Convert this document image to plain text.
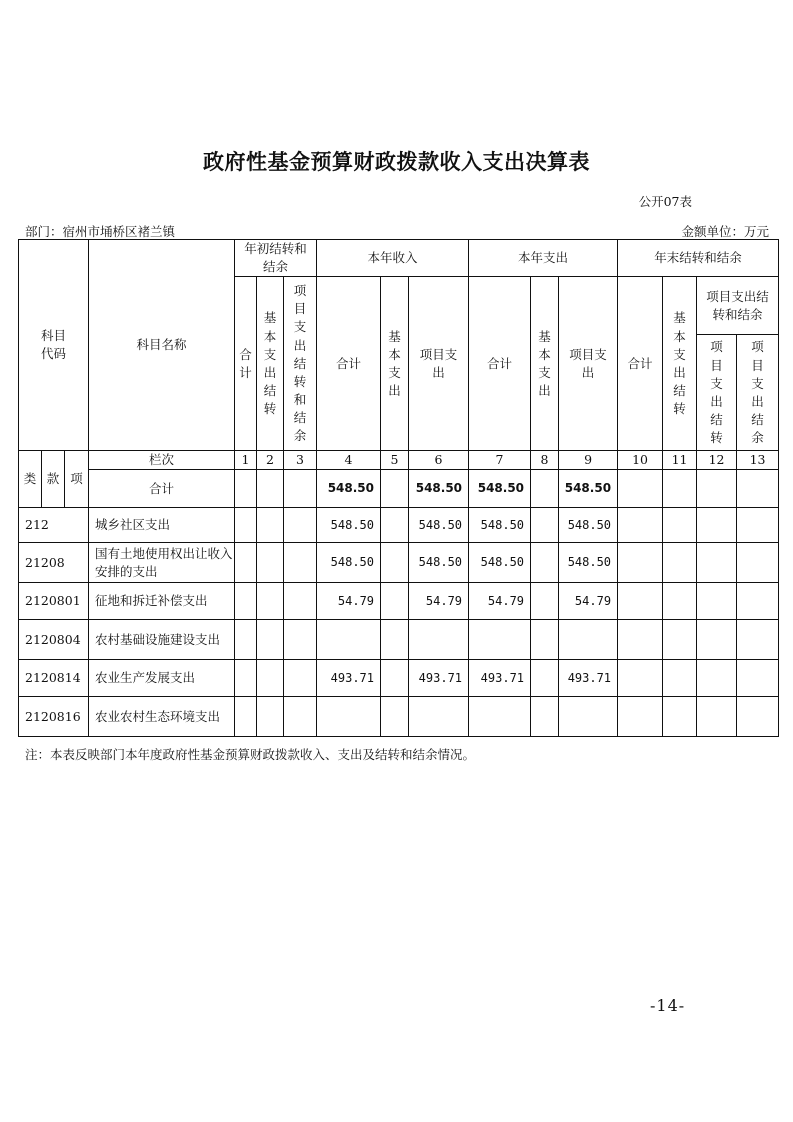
政府性基金预算财政拨款收入支出决算表
公开07表
部门：宿州市埇桥区褚兰镇	金额单位：万元
科目代码			科目名称	年初结转和结余			本年收入			本年支出			年末结转和结余			
				合计	基本支出结转	项目支出结转和结余	合计	基本支出	项目支出	合计	基本支出	项目支出	合计	基本支出结转	项目支出结转和结余	
															项目支出结转	项目支出结余

类	款	项	栏次	1	2	3	4	5	6	7	8	9	10	11	12	13
			合计				548.50		548.50	548.50		548.50				
212			城乡社区支出				548.50		548.50	548.50		548.50				
21208			国有土地使用权出让收入安排的支出				548.50		548.50	548.50		548.50				
2120801			征地和拆迁补偿支出				54.79		54.79	54.79		54.79				
2120804			农村基础设施建设支出													
2120814			农业生产发展支出				493.71		493.71	493.71		493.71				
2120816			农业农村生态环境支出													
注：本表反映部门本年度政府性基金预算财政拨款收入、支出及结转和结余情况。
-14-
